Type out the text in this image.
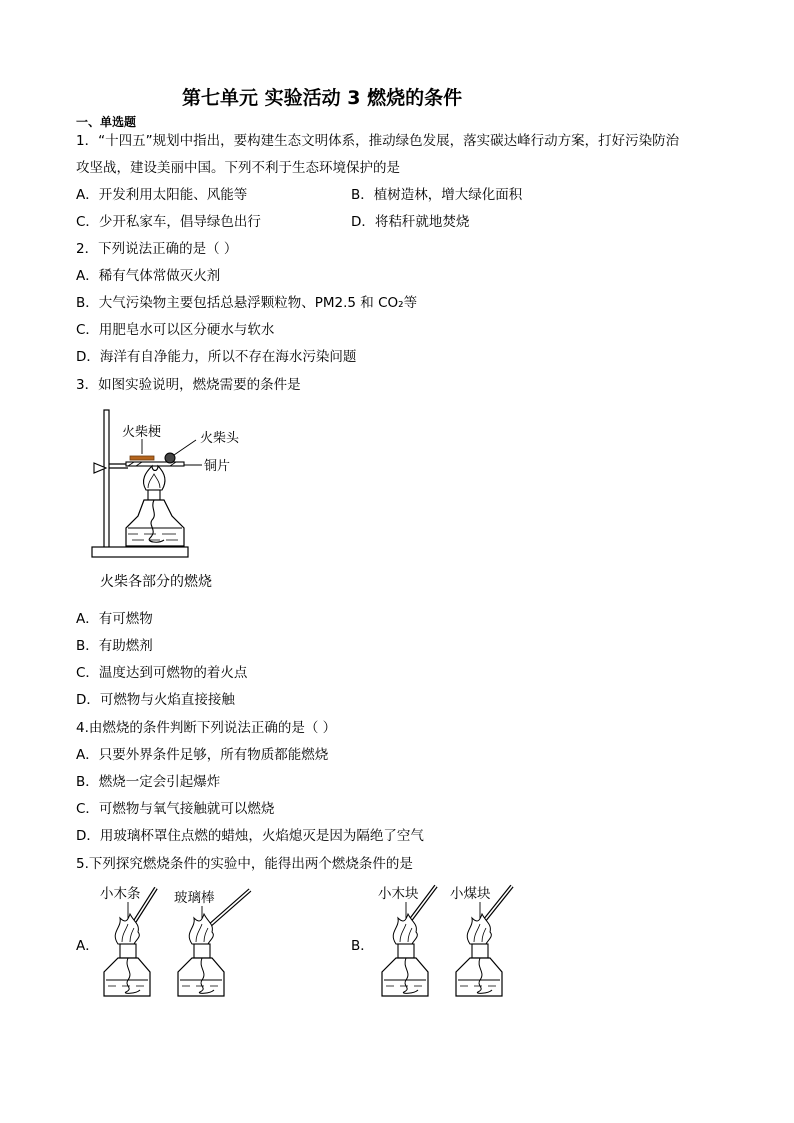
第七单元 实验活动 3 燃烧的条件
一、单选题
1．“十四五”规划中指出，要构建生态文明体系，推动绿色发展，落实碳达峰行动方案，打好污染防治
攻坚战，建设美丽中国。下列不利于生态环境保护的是
A．开发利用太阳能、风能等	B．植树造林，增大绿化面积
C．少开私家车，倡导绿色出行	D．将秸秆就地焚烧
2．下列说法正确的是（ ）
A．稀有气体常做灭火剂
B．大气污染物主要包括总悬浮颗粒物、PM2.5 和 CO₂等
C．用肥皂水可以区分硬水与软水
D．海洋有自净能力，所以不存在海水污染问题
3．如图实验说明，燃烧需要的条件是
火柴梗	火柴头
铜片
火柴各部分的燃烧
A．有可燃物
B．有助燃剂
C．温度达到可燃物的着火点
D．可燃物与火焰直接接触
4.由燃烧的条件判断下列说法正确的是（ ）
A．只要外界条件足够，所有物质都能燃烧
B．燃烧一定会引起爆炸
C．可燃物与氧气接触就可以燃烧
D．用玻璃杯罩住点燃的蜡烛，火焰熄灭是因为隔绝了空气
5.下列探究燃烧条件的实验中，能得出两个燃烧条件的是
A．	B．
小木条 玻璃棒	小木块 小煤块
